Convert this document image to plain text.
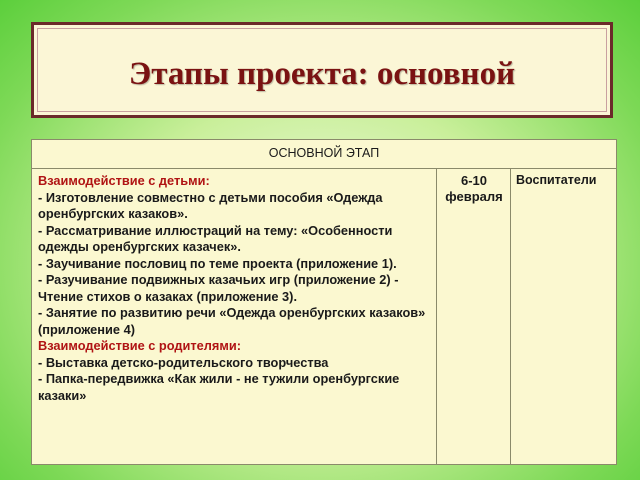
Этапы проекта: основной
ОСНОВНОЙ ЭТАП
Взаимодействие с детьми:
- Изготовление совместно с детьми пособия «Одежда оренбургских казаков».
- Рассматривание иллюстраций на тему: «Особенности одежды оренбургских казачек».
- Заучивание пословиц по теме проекта (приложение 1).
- Разучивание подвижных казачьих игр (приложение 2) - Чтение стихов о казаках (приложение 3).
- Занятие по развитию речи «Одежда оренбургских казаков» (приложение 4)
Взаимодействие с родителями:
- Выставка детско-родительского творчества
- Папка-передвижка «Как жили - не тужили оренбургские казаки»
6-10 февраля
Воспитатели
